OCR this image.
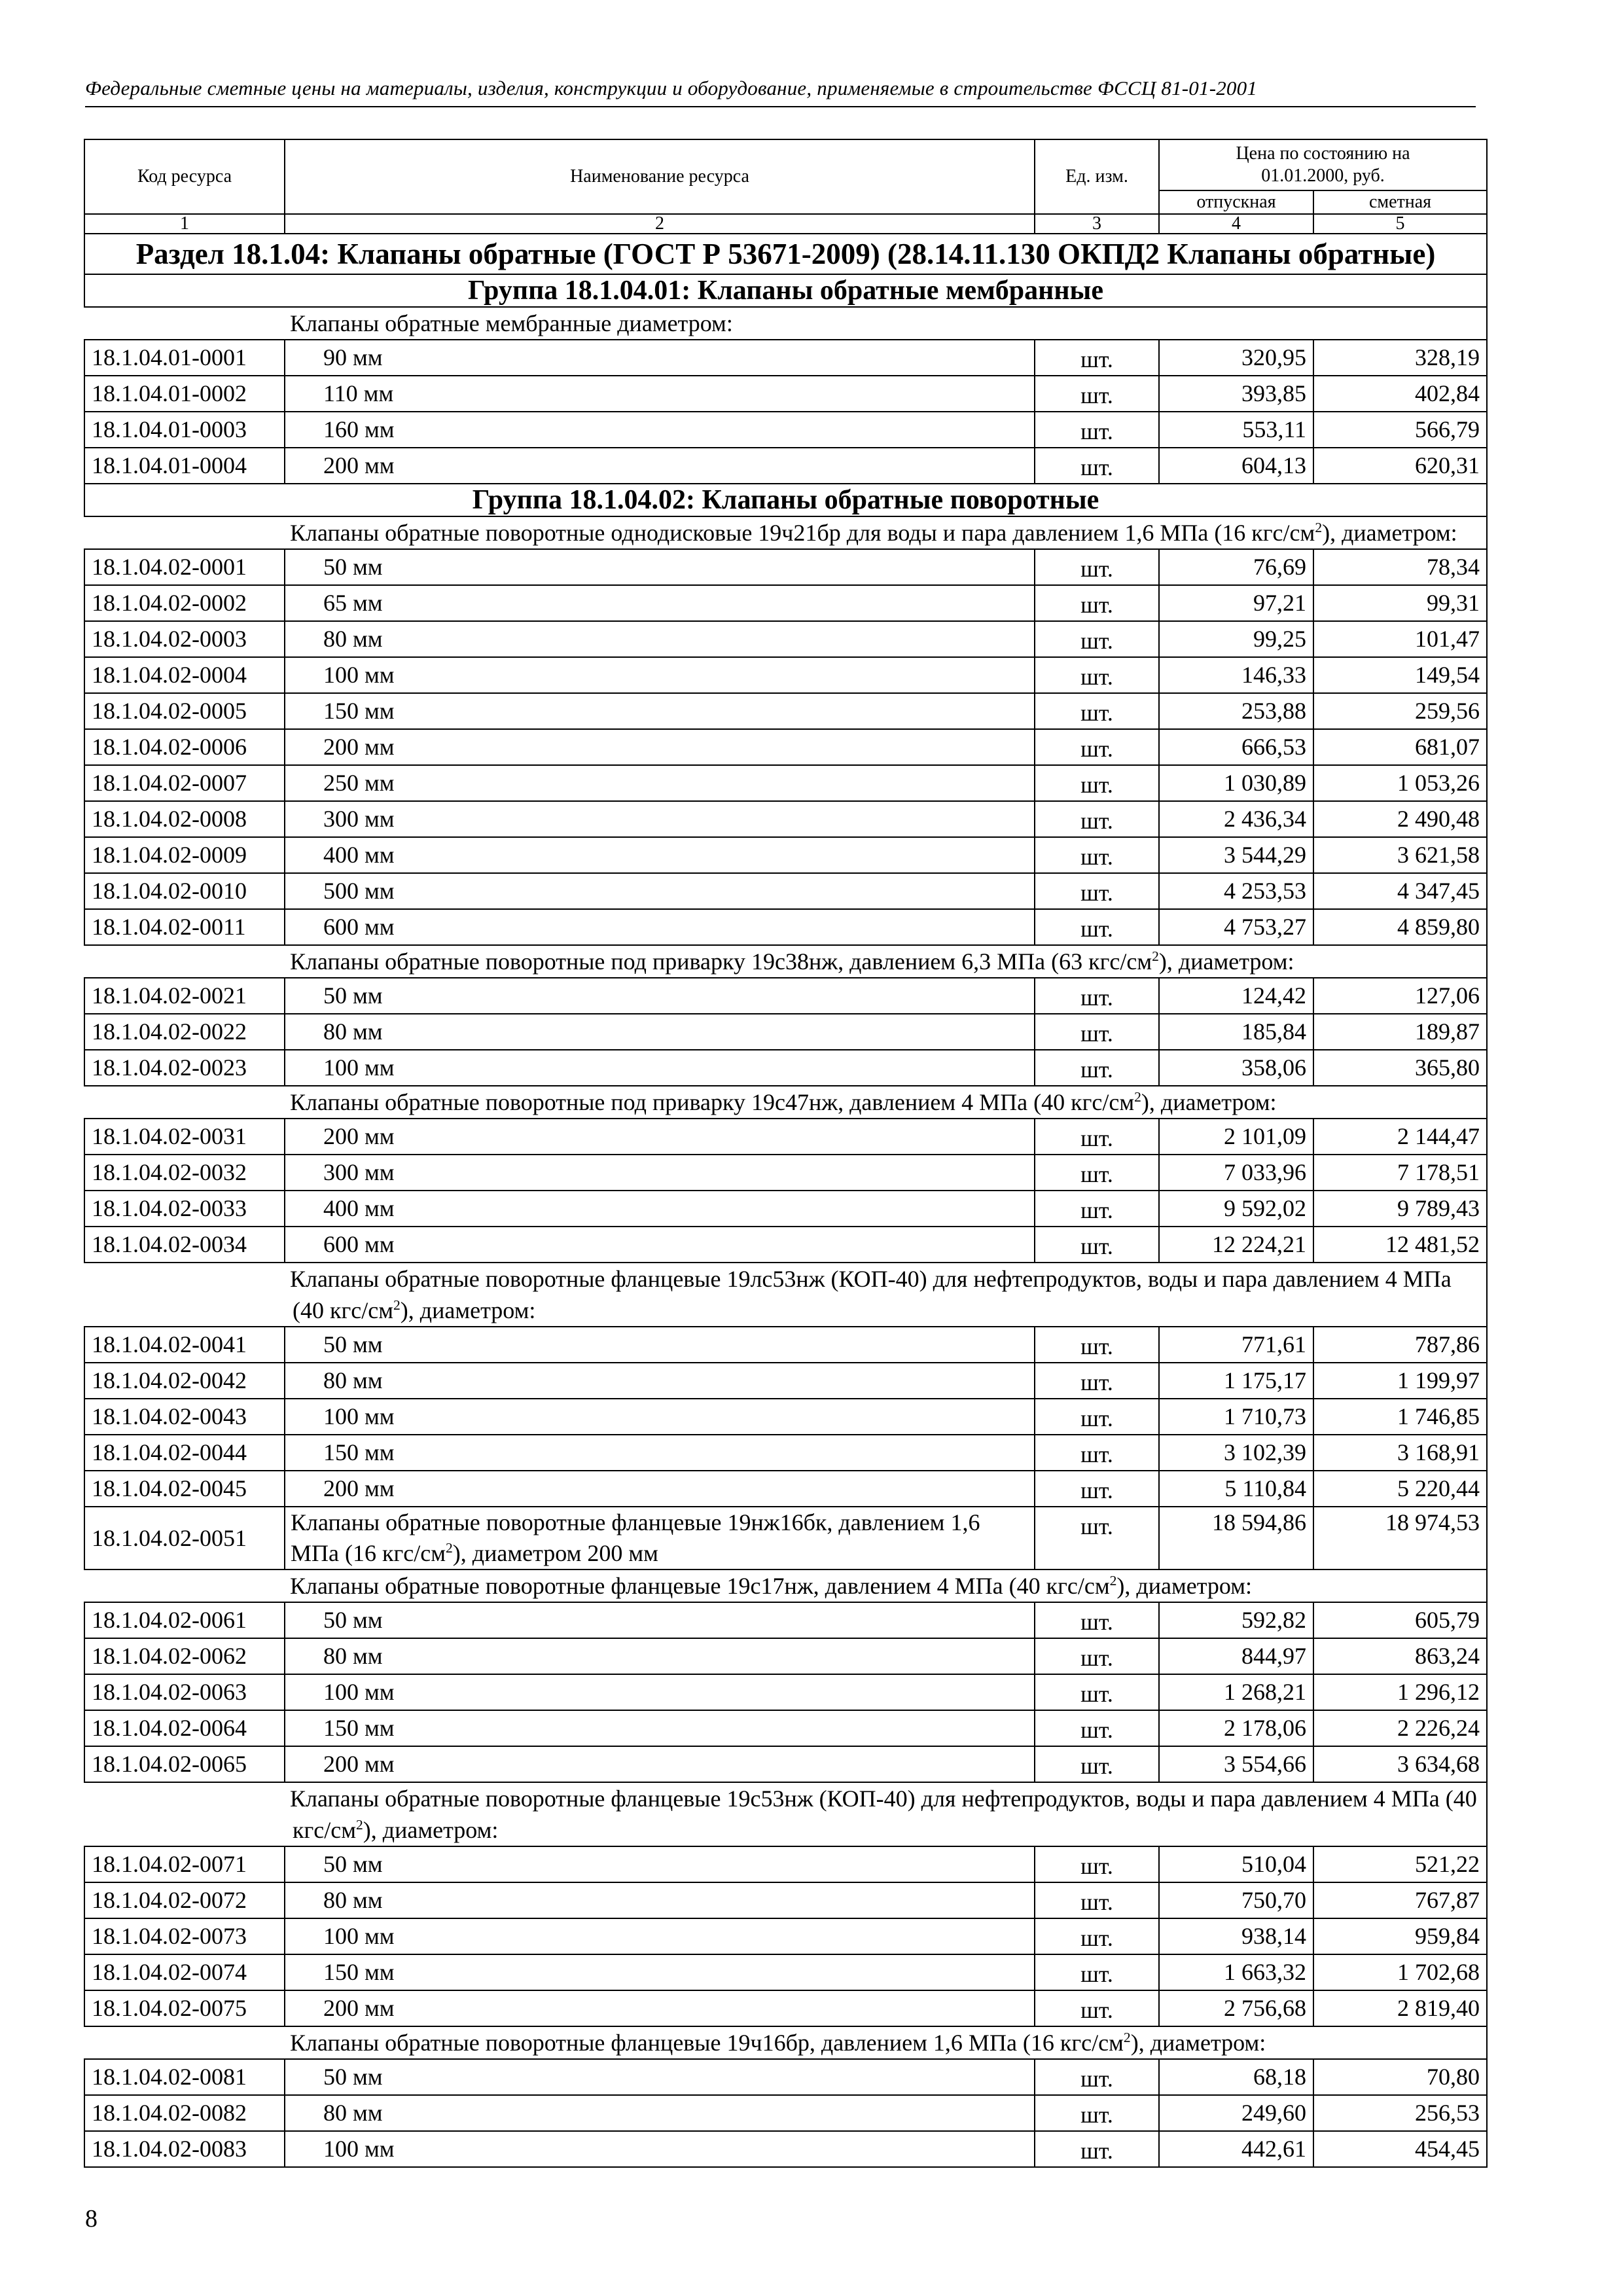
Федеральные сметные цены на материалы, изделия, конструкции и оборудование, применяемые в строительстве ФССЦ 81-01-2001
Код ресурса	Наименование ресурса	Ед. изм.	Цена по состоянию на 01.01.2000, руб.	
			отпускная	сметная
1	2	3	4	5
Раздел 18.1.04: Клапаны обратные (ГОСТ Р 53671-2009) (28.14.11.130 ОКПД2 Клапаны обратные)				
Группа 18.1.04.01: Клапаны обратные мембранные				
Клапаны обратные мембранные диаметром:				
18.1.04.01-0001	90 мм	шт.	320,95	328,19
18.1.04.01-0002	110 мм	шт.	393,85	402,84
18.1.04.01-0003	160 мм	шт.	553,11	566,79
18.1.04.01-0004	200 мм	шт.	604,13	620,31
Группа 18.1.04.02: Клапаны обратные поворотные				
Клапаны обратные поворотные однодисковые 19ч21бр для воды и пара давлением 1,6 МПа (16 кгс/$см^2$), диаметром:				
18.1.04.02-0001	50 мм	шт.	76,69	78,34
18.1.04.02-0002	65 мм	шт.	97,21	99,31
18.1.04.02-0003	80 мм	шт.	99,25	101,47
18.1.04.02-0004	100 мм	шт.	146,33	149,54
18.1.04.02-0005	150 мм	шт.	253,88	259,56
18.1.04.02-0006	200 мм	шт.	666,53	681,07
18.1.04.02-0007	250 мм	шт.	1 030,89	1 053,26
18.1.04.02-0008	300 мм	шт.	2 436,34	2 490,48
18.1.04.02-0009	400 мм	шт.	3 544,29	3 621,58
18.1.04.02-0010	500 мм	шт.	4 253,53	4 347,45
18.1.04.02-0011	600 мм	шт.	4 753,27	4 859,80
Клапаны обратные поворотные под приварку 19с38нж, давлением 6,3 МПа (63 кгс/$см^2$), диаметром:				
18.1.04.02-0021	50 мм	шт.	124,42	127,06
18.1.04.02-0022	80 мм	шт.	185,84	189,87
18.1.04.02-0023	100 мм	шт.	358,06	365,80
Клапаны обратные поворотные под приварку 19с47нж, давлением 4 МПа (40 кгс/$см^2$), диаметром:				
18.1.04.02-0031	200 мм	шт.	2 101,09	2 144,47
18.1.04.02-0032	300 мм	шт.	7 033,96	7 178,51
18.1.04.02-0033	400 мм	шт.	9 592,02	9 789,43
18.1.04.02-0034	600 мм	шт.	12 224,21	12 481,52
Клапаны обратные поворотные фланцевые 19лс53нж (КОП-40) для нефтепродуктов, воды и пара давлением 4 МПа (40 кгс/$см^2$), диаметром:				
18.1.04.02-0041	50 мм	шт.	771,61	787,86
18.1.04.02-0042	80 мм	шт.	1 175,17	1 199,97
18.1.04.02-0043	100 мм	шт.	1 710,73	1 746,85
18.1.04.02-0044	150 мм	шт.	3 102,39	3 168,91
18.1.04.02-0045	200 мм	шт.	5 110,84	5 220,44
18.1.04.02-0051	Клапаны обратные поворотные фланцевые 19нж16бк, давлением 1,6 МПа (16 кгс/$см^2$), диаметром 200 мм	шт.	18 594,86	18 974,53
Клапаны обратные поворотные фланцевые 19с17нж, давлением 4 МПа (40 кгс/$см^2$), диаметром:				
18.1.04.02-0061	50 мм	шт.	592,82	605,79
18.1.04.02-0062	80 мм	шт.	844,97	863,24
18.1.04.02-0063	100 мм	шт.	1 268,21	1 296,12
18.1.04.02-0064	150 мм	шт.	2 178,06	2 226,24
18.1.04.02-0065	200 мм	шт.	3 554,66	3 634,68
Клапаны обратные поворотные фланцевые 19с53нж (КОП-40) для нефтепродуктов, воды и пара давлением 4 МПа (40 кгс/$см^2$), диаметром:				
18.1.04.02-0071	50 мм	шт.	510,04	521,22
18.1.04.02-0072	80 мм	шт.	750,70	767,87
18.1.04.02-0073	100 мм	шт.	938,14	959,84
18.1.04.02-0074	150 мм	шт.	1 663,32	1 702,68
18.1.04.02-0075	200 мм	шт.	2 756,68	2 819,40
Клапаны обратные поворотные фланцевые 19ч16бр, давлением 1,6 МПа (16 кгс/$см^2$), диаметром:				
18.1.04.02-0081	50 мм	шт.	68,18	70,80
18.1.04.02-0082	80 мм	шт.	249,60	256,53
18.1.04.02-0083	100 мм	шт.	442,61	454,45
8
